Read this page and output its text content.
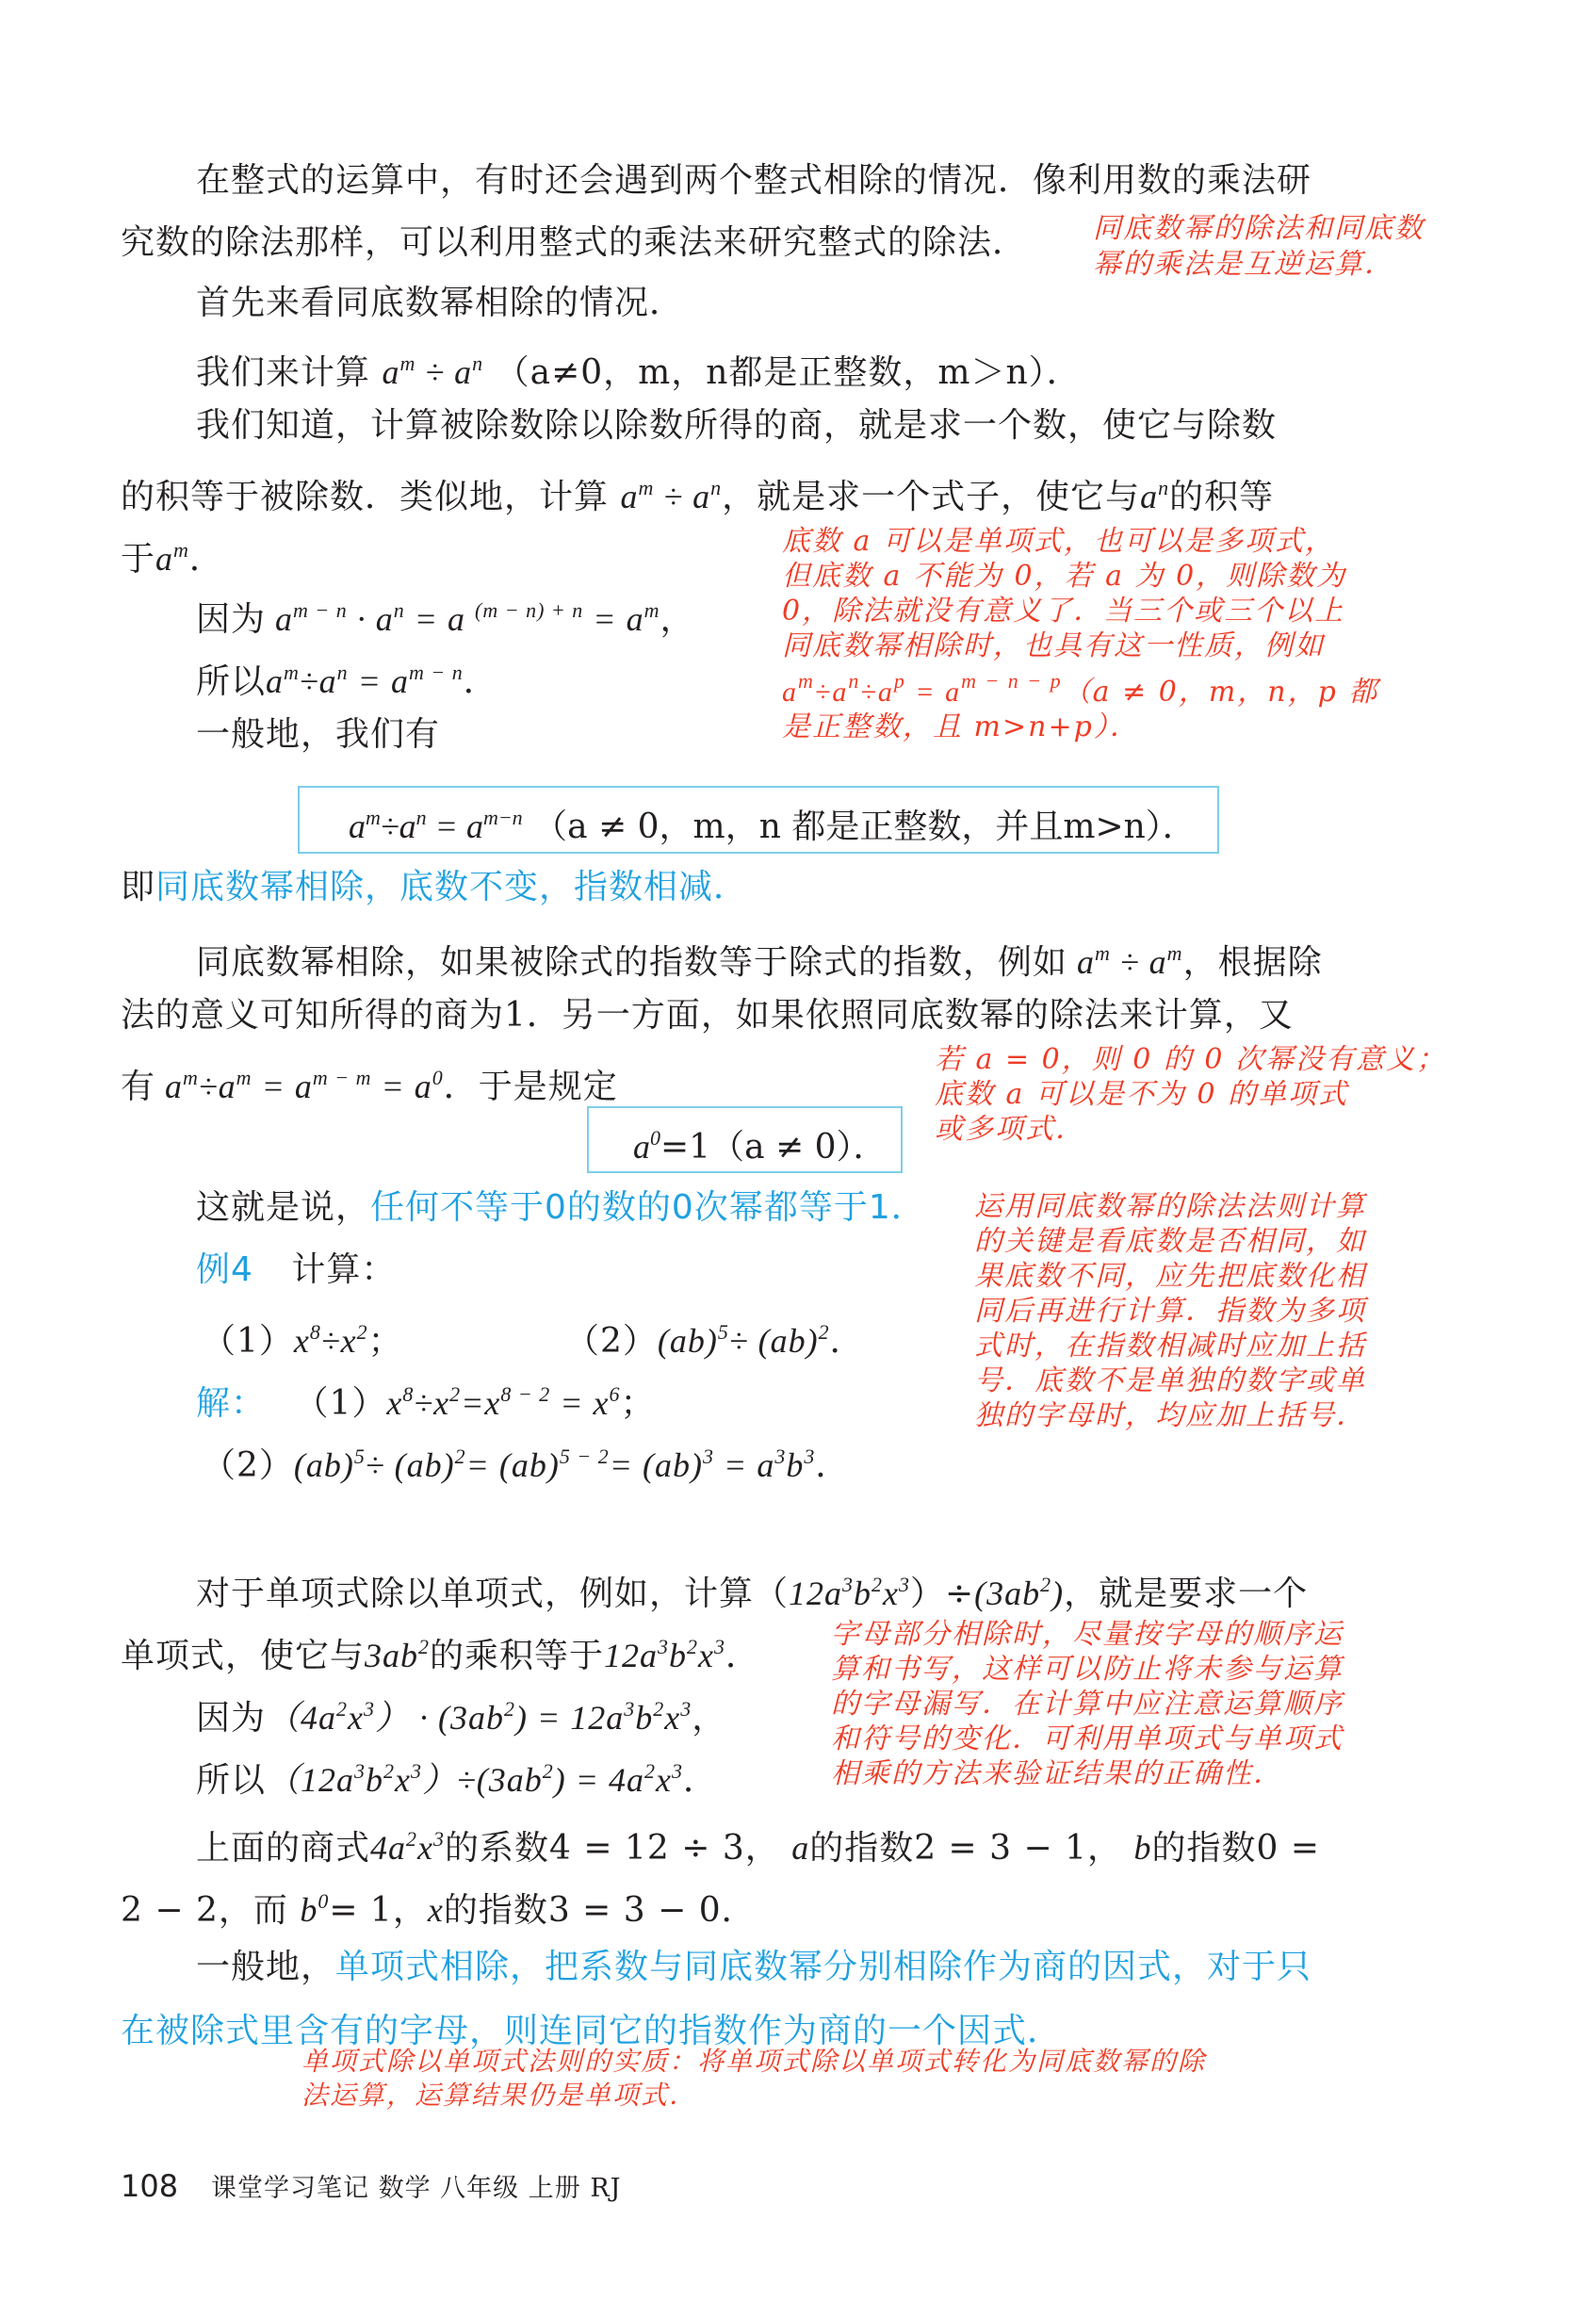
在整式的运算中，有时还会遇到两个整式相除的情况．像利用数的乘法研
究数的除法那样，可以利用整式的乘法来研究整式的除法． 同底数幂的除法和同底数
幂的乘法是互逆运算．
首先来看同底数幂相除的情况．
我们来计算 $a^m \div a^n$ （a≠0，m，n都是正整数，m＞n）．
我们知道，计算被除数除以除数所得的商，就是求一个数，使它与除数
的积等于被除数．类似地，计算 $a^m \div a^n$，就是求一个式子，使它与$a^n$的积等
于$a^m$．	底数 a 可以是单项式，也可以是多项式，
但底数 a 不能为 0，若 a 为 0，则除数为
0，除法就没有意义了．当三个或三个以上
同底数幂相除时，也具有这一性质，例如
$a^m\div a^n\div a^p = a^{m - n - p}(a \ne 0$，m，n，p 都
是正整数，且 m>n+p）．
因为 $a^{m - n} \cdot a^n = a$ $^{(m - n) + n} = a^m$，
所以$a^m\div a^n = a^{m - n}$．
一般地，我们有
$a^m\div a^n = a^{m-n}$ （a ≠ 0，m，n 都是正整数，并且m>n）．
即同底数幂相除，底数不变，指数相减．
同底数幂相除，如果被除式的指数等于除式的指数，例如 $a^m \div a^m$，根据除
法的意义可知所得的商为1．另一方面，如果依照同底数幂的除法来计算，又
有 $a^m\div a^m = a^{m - m} = a^0$．于是规定
若 a = 0，则 0 的 0 次幂没有意义；
底数 a 可以是不为 0 的单项式
或多项式．
$a^0=1(a \ne 0)$．
这就是说，任何不等于0的数的0次幂都等于1． 运用同底数幂的除法法则计算
的关键是看底数是否相同，如
果底数不同，应先把底数化相
同后再进行计算．指数为多项
式时，在指数相减时应加上括
号．底数不是单独的数字或单
独的字母时，均应加上括号．
例4 计算：
$(1)x^8\div x^2$；	（2）(ab)$^5$÷ (ab)$^2$．
解： $(1)x^8\div x^2=x^{8 - 2} = x^6$；
$(2)(ab)^5\div (ab)^2= (ab)^{5 - 2}= (ab)^3 = a^3b^3$．
对于单项式除以单项式，例如，计算$(12a^3b^2x^3)\div(3ab^2)$，就是要求一个
单项式，使它与$3ab^2$的乘积等于$12a^3b^2x^3$．
字母部分相除时，尽量按字母的顺序运
算和书写，这样可以防止将未参与运算
的字母漏写．在计算中应注意运算顺序
和符号的变化．可利用单项式与单项式
相乘的方法来验证结果的正确性．
因为$(4a^2x^3) \cdot (3ab^2) = 12a^3b^2x^3$，
所以$(12a^3b^2x^3)\div(3ab^2) = 4a^2x^3$．
上面的商式$4a^2x^3$的系数4 = 12 ÷ 3， a的指数2 = 3 − 1， b的指数0 =
2 − 2，而 $b^0= 1$，x的指数3 = 3 − 0．
一般地，单项式相除，把系数与同底数幂分别相除作为商的因式，对于只
在被除式里含有的字母，则连同它的指数作为商的一个因式．
单项式除以单项式法则的实质：将单项式除以单项式转化为同底数幂的除
法运算，运算结果仍是单项式．
108 课堂学习笔记 数学 八年级 上册 RJ
